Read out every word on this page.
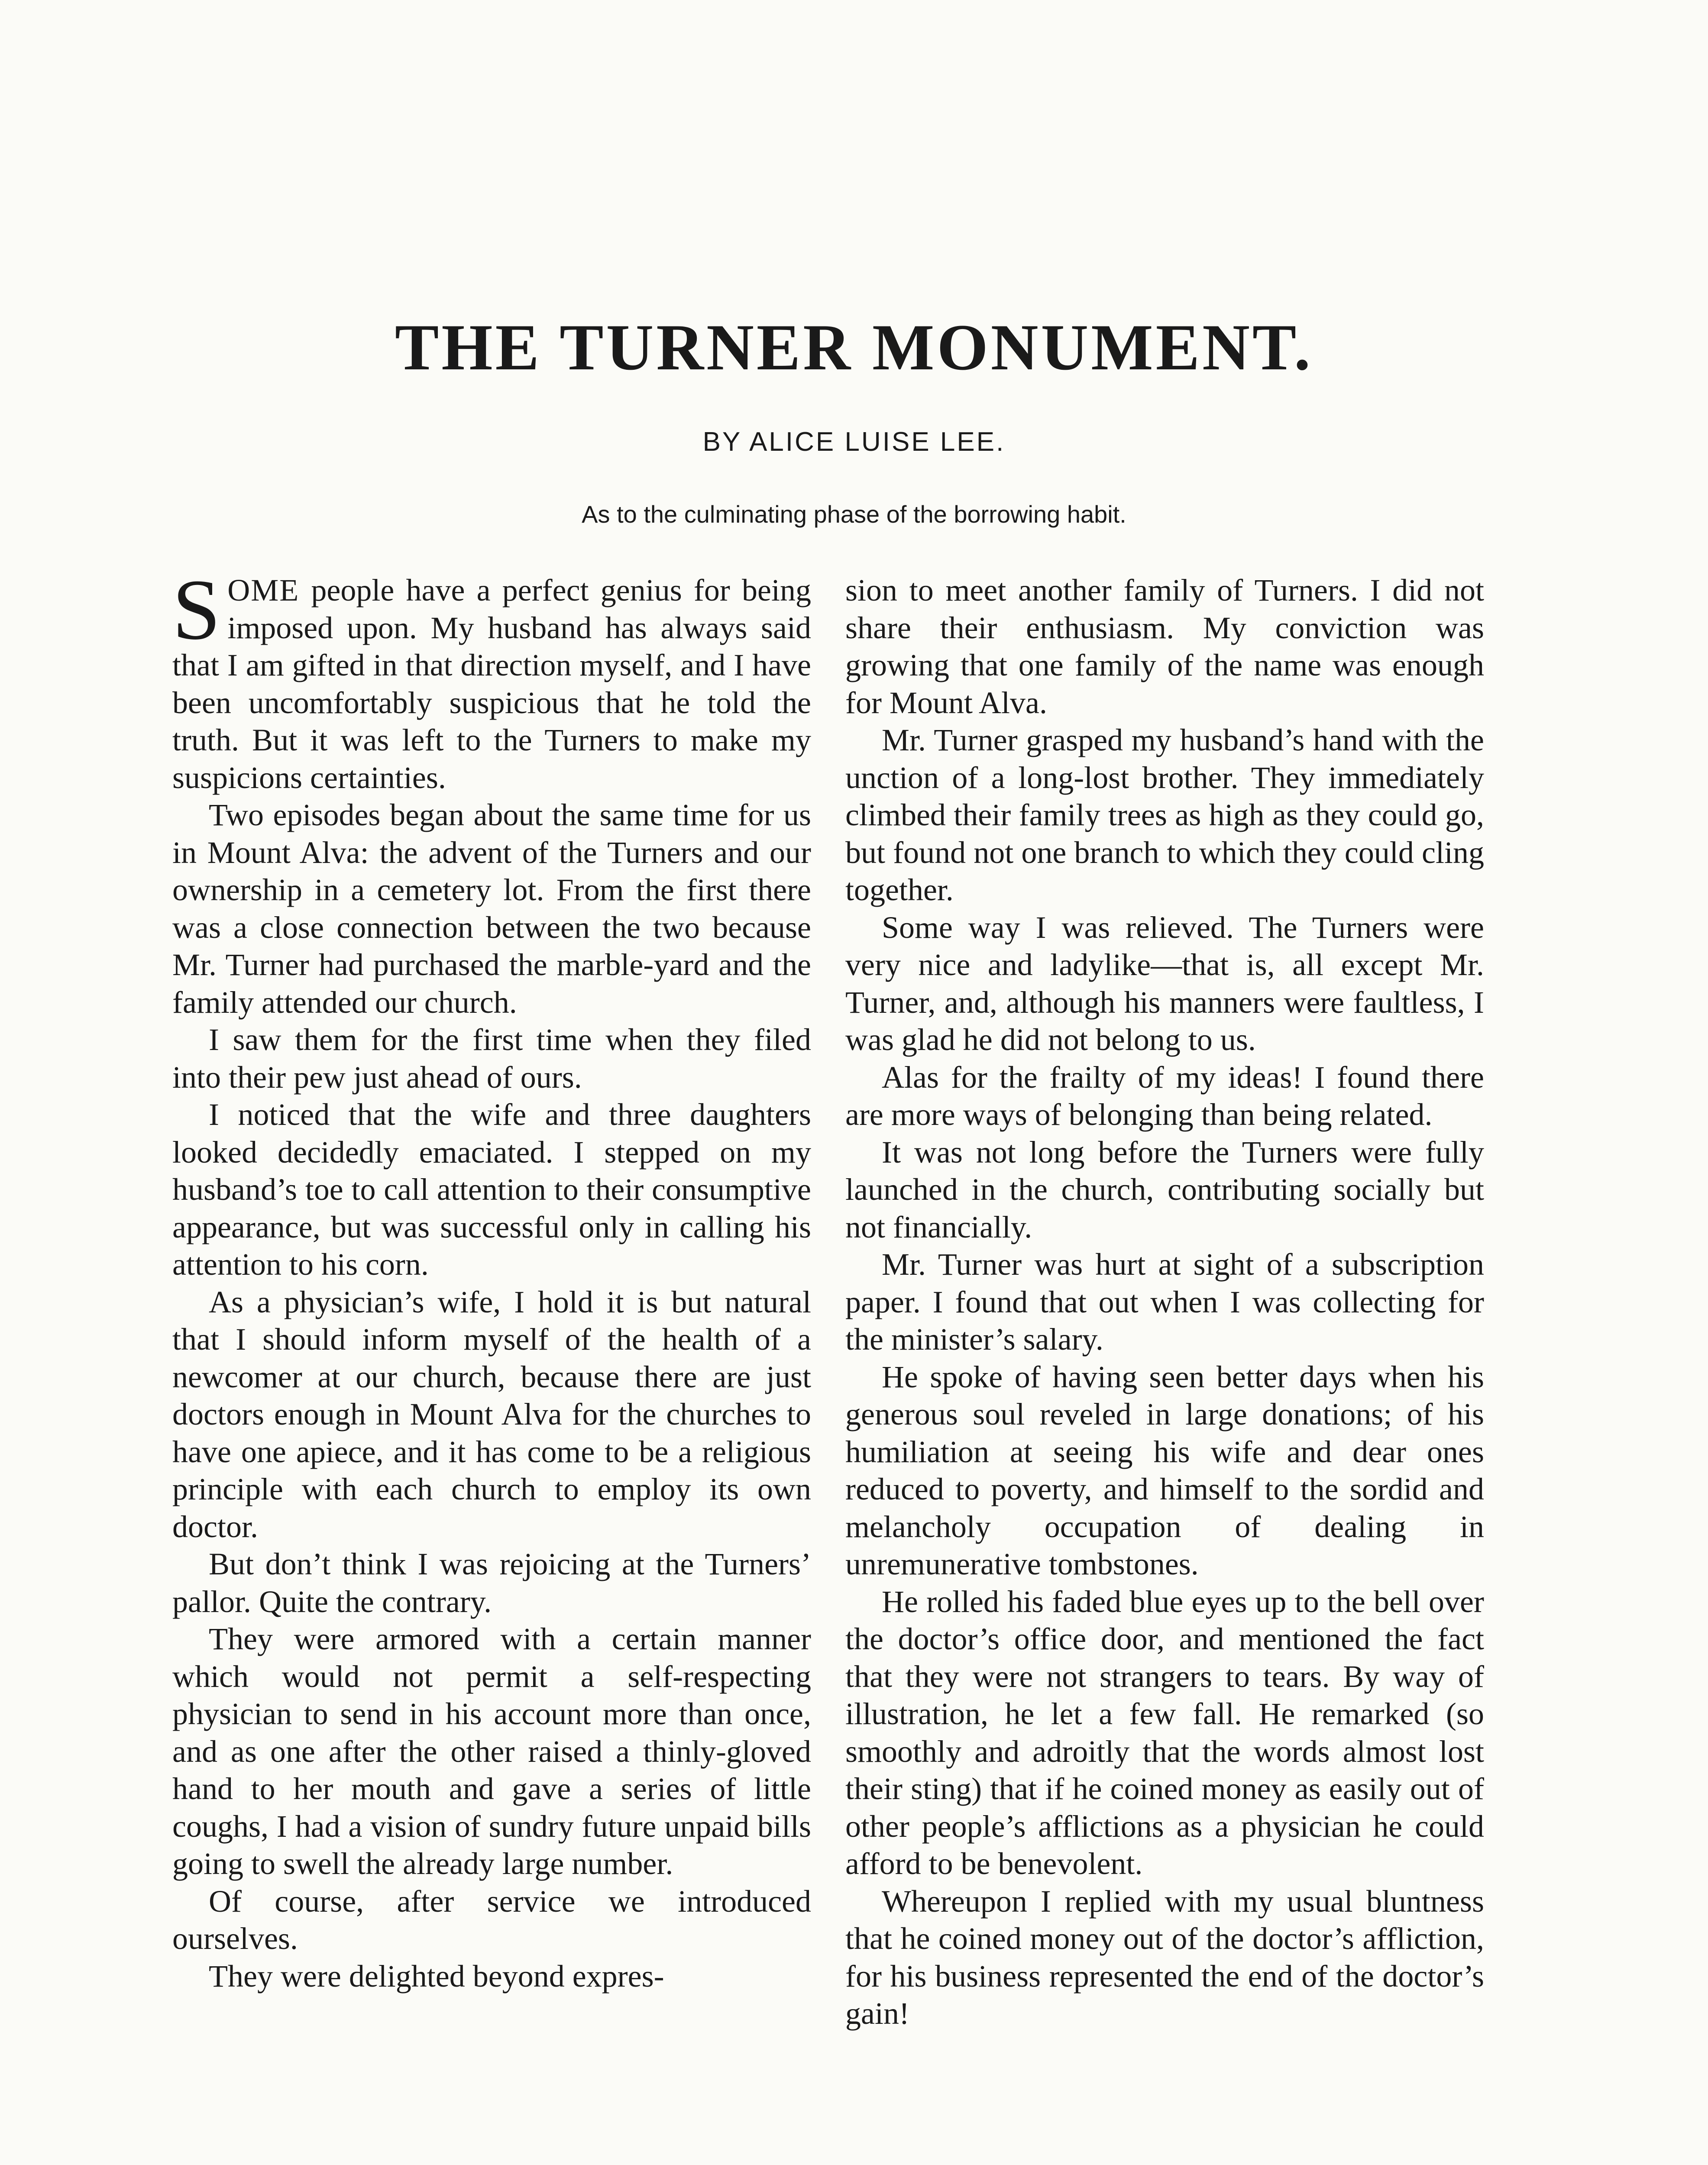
THE TURNER MONUMENT.
BY ALICE LUISE LEE.
As to the culminating phase of the borrowing habit.

SOME people have a perfect genius for being imposed upon. My husband has always said that I am gifted in that direction myself, and I have been uncomfortably suspicious that he told the truth. But it was left to the Turners to make my suspicions certainties.

Two episodes began about the same time for us in Mount Alva: the advent of the Turners and our ownership in a cemetery lot. From the first there was a close connection between the two because Mr. Turner had purchased the marble-yard and the family attended our church.

I saw them for the first time when they filed into their pew just ahead of ours.

I noticed that the wife and three daughters looked decidedly emaciated. I stepped on my husband’s toe to call attention to their consumptive appearance, but was successful only in calling his attention to his corn.

As a physician’s wife, I hold it is but natural that I should inform myself of the health of a newcomer at our church, because there are just doctors enough in Mount Alva for the churches to have one apiece, and it has come to be a religious principle with each church to employ its own doctor.

But don’t think I was rejoicing at the Turners’ pallor. Quite the contrary.

They were armored with a certain manner which would not permit a self-respecting physician to send in his account more than once, and as one after the other raised a thinly-gloved hand to her mouth and gave a series of little coughs, I had a vision of sundry future unpaid bills going to swell the already large number.

Of course, after service we introduced ourselves.

They were delighted beyond expres-

sion to meet another family of Turners. I did not share their enthusiasm. My conviction was growing that one family of the name was enough for Mount Alva.

Mr. Turner grasped my husband’s hand with the unction of a long-lost brother. They immediately climbed their family trees as high as they could go, but found not one branch to which they could cling together.

Some way I was relieved. The Turners were very nice and ladylike—that is, all except Mr. Turner, and, although his manners were faultless, I was glad he did not belong to us.

Alas for the frailty of my ideas! I found there are more ways of belonging than being related.

It was not long before the Turners were fully launched in the church, contributing socially but not financially.

Mr. Turner was hurt at sight of a subscription paper. I found that out when I was collecting for the minister’s salary.

He spoke of having seen better days when his generous soul reveled in large donations; of his humiliation at seeing his wife and dear ones reduced to poverty, and himself to the sordid and melancholy occupation of dealing in unremunerative tombstones.

He rolled his faded blue eyes up to the bell over the doctor’s office door, and mentioned the fact that they were not strangers to tears. By way of illustration, he let a few fall. He remarked (so smoothly and adroitly that the words almost lost their sting) that if he coined money as easily out of other people’s afflictions as a physician he could afford to be benevolent.

Whereupon I replied with my usual bluntness that he coined money out of the doctor’s affliction, for his business represented the end of the doctor’s gain!
